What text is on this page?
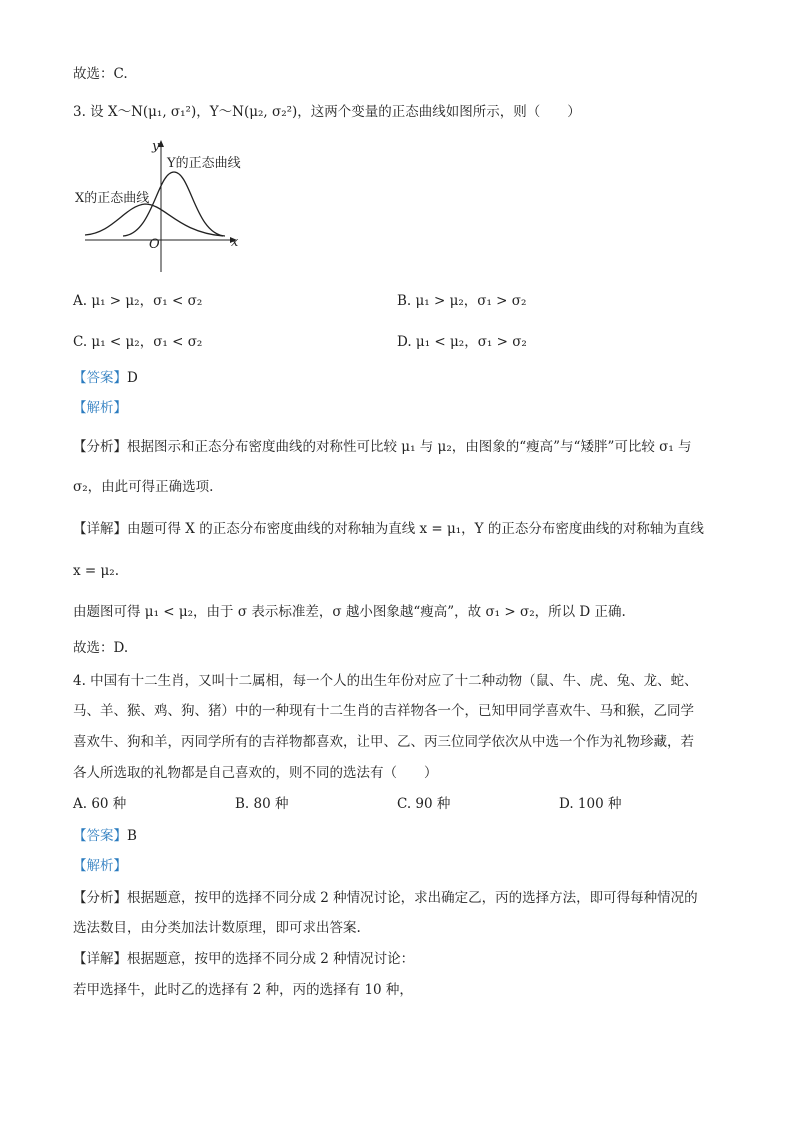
故选：C.
3. 设 X～N(μ₁, σ₁²)，Y～N(μ₂, σ₂²)，这两个变量的正态曲线如图所示，则（　　）
y
x
O
Y的正态曲线
X的正态曲线
A. μ₁ > μ₂，σ₁ < σ₂	B. μ₁ > μ₂，σ₁ > σ₂
C. μ₁ < μ₂，σ₁ < σ₂	D. μ₁ < μ₂，σ₁ > σ₂
【答案】D
【解析】
【分析】根据图示和正态分布密度曲线的对称性可比较 μ₁ 与 μ₂，由图象的“瘦高”与“矮胖”可比较 σ₁ 与
σ₂，由此可得正确选项.
【详解】由题可得 X 的正态分布密度曲线的对称轴为直线 x = μ₁，Y 的正态分布密度曲线的对称轴为直线
x = μ₂.
由题图可得 μ₁ < μ₂，由于 σ 表示标准差，σ 越小图象越“瘦高”，故 σ₁ > σ₂，所以 D 正确.
故选：D.
4. 中国有十二生肖，又叫十二属相，每一个人的出生年份对应了十二种动物（鼠、牛、虎、兔、龙、蛇、
马、羊、猴、鸡、狗、猪）中的一种现有十二生肖的吉祥物各一个，已知甲同学喜欢牛、马和猴，乙同学
喜欢牛、狗和羊，丙同学所有的吉祥物都喜欢，让甲、乙、丙三位同学依次从中选一个作为礼物珍藏，若
各人所选取的礼物都是自己喜欢的，则不同的选法有（　　）
A. 60 种	B. 80 种	C. 90 种	D. 100 种
【答案】B
【解析】
【分析】根据题意，按甲的选择不同分成 2 种情况讨论，求出确定乙，丙的选择方法，即可得每种情况的
选法数目，由分类加法计数原理，即可求出答案.
【详解】根据题意，按甲的选择不同分成 2 种情况讨论：
若甲选择牛，此时乙的选择有 2 种，丙的选择有 10 种，
